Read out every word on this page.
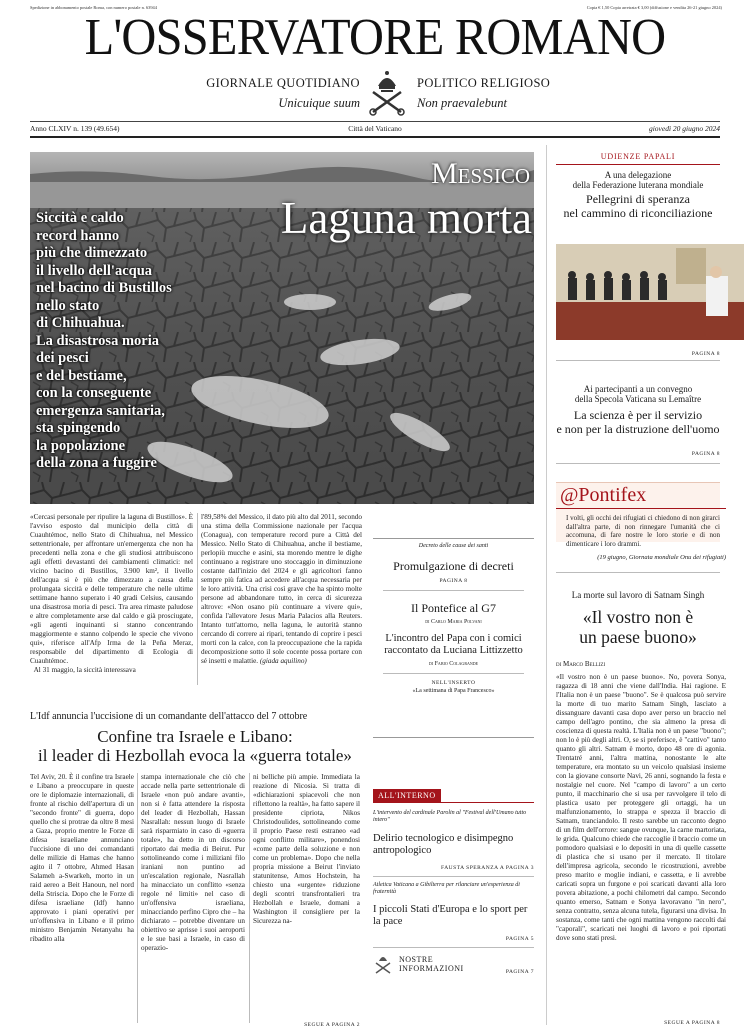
Spedizione in abbonamento postale Roma, con numero postale n. 63944	Copia € 1,50 Copia arretrata € 3,00 (diffusione e vendita 26-21 giugno 2024)
L'OSSERVATORE ROMANO
GIORNALE QUOTIDIANO	POLITICO RELIGIOSO
Unicuique suum	Non praevalebunt
Anno CLXIV n. 139 (49.654)	Città del Vaticano	giovedì 20 giugno 2024
Messico
Laguna morta
Siccità e caldo
record hanno
più che dimezzato
il livello dell'acqua
nel bacino di Bustillos
nello stato
di Chihuahua.
La disastrosa moria
dei pesci
e del bestiame,
con la conseguente
emergenza sanitaria,
sta spingendo
la popolazione
della zona a fuggire
«Cercasi personale per ripulire la laguna di Bustillos». È l'avviso esposto dal municipio della città di Cuauhtémoc, nello Stato di Chihuahua, nel Messico settentrionale, per affrontare un'emergenza che non ha precedenti nella zona e che gli studiosi attribuiscono agli effetti devastanti dei cambiamenti climatici: nel vicino bacino di Bustillos, 3.900 km², il livello dell'acqua si è più che dimezzato a causa della prolungata siccità e delle temperature che nelle ultime settimane hanno superato i 40 gradi Celsius, causando una disastrosa moria di pesci. Tra area rimaste paludose e altre completamente arse dal caldo e già prosciugate, «gli agenti inquinanti si stanno concentrando maggiormente e stanno colpendo le specie che vivono qui», riferisce all'Afp Irma de la Peña Meraz, responsabile del dipartimento di Ecologia di Cuauhtémoc.
Al 31 maggio, la siccità interessava
l'89,58% del Messico, il dato più alto dal 2011, secondo una stima della Commissione nazionale per l'acqua (Conagua), con temperature record pure a Città del Messico. Nello Stato di Chihuahua, anche il bestiame, perlopiù mucche e asini, sta morendo mentre le dighe continuano a registrare uno stoccaggio in diminuzione costante dall'inizio del 2024 e gli agricoltori fanno sempre più fatica ad accedere all'acqua necessaria per le loro attività. Una crisi così grave che ha spinto molte persone ad abbandonare tutto, in cerca di sicurezza altrove: «Non osano più continuare a vivere qui», confida l'allevatore Jesus Maria Palacios alla Reuters. Intanto tutt'attorno, nella laguna, le autorità stanno cercando di correre ai ripari, tentando di coprire i pesci morti con la calce, con la preoccupazione che la rapida decomposizione sotto il sole cocente possa portare con sé insetti e malattie. (giada aquilino)
Decreto delle cause dei santi
Promulgazione di decreti
PAGINA 8
Il Pontefice al G7
di Carlo Maria Polvani
L'incontro del Papa con i comici raccontato da Luciana Littizzetto
di Fabio Colagrande
NELL'INSERTO
«La settimana di Papa Francesco»
L'Idf annuncia l'uccisione di un comandante dell'attacco del 7 ottobre
Confine tra Israele e Libano:
il leader di Hezbollah evoca la «guerra totale»
Tel Aviv, 20. È il confine tra Israele e Libano a preoccupare in queste ore le diplomazie internazionali, di fronte al rischio dell'apertura di un "secondo fronte" di guerra, dopo quello che si protrae da oltre 8 mesi a Gaza, proprio mentre le Forze di difesa israeliane annunciano l'uccisione di uno dei comandanti delle milizie di Hamas che hanno agito il 7 ottobre, Ahmed Hasan Salameh a-Swarkeh, morto in un raid aereo a Beit Hanoun, nel nord della Striscia. Dopo che le Forze di difesa israeliane (Idf) hanno approvato i piani operativi per un'offensiva in Libano e il primo ministro Benjamin Netanyahu ha ribadito alla
stampa internazionale che ciò che accade nella parte settentrionale di Israele «non può andare avanti», non si è fatta attendere la risposta del leader di Hezbollah, Hassan Nasrallah: nessun luogo di Israele sarà risparmiato in caso di «guerra totale», ha detto in un discorso riportato dai media di Beirut. Pur sottolineando come i miliziani filo iraniani non puntino ad un'escalation regionale, Nasrallah ha minacciato un conflitto «senza regole né limiti» nel caso di un'offensiva israeliana, minacciando perfino Cipro che – ha dichiarato – potrebbe diventare un obiettivo se aprisse i suoi aeroporti e le sue basi a Israele, in caso di operazio-
ni belliche più ampie. Immediata la reazione di Nicosia. Si tratta di «dichiarazioni spiacevoli che non riflettono la realtà», ha fatto sapere il presidente cipriota, Nikos Christodoulides, sottolineando come il proprio Paese resti estraneo «ad ogni conflitto militare», ponendosi «come parte della soluzione e non come un problema». Dopo che nella propria missione a Beirut l'inviato statunitense, Amos Hochstein, ha chiesto una «urgente» riduzione degli scontri transfrontalieri tra Hezbollah e Israele, domani a Washington il consigliere per la Sicurezza na-
SEGUE A PAGINA 2
ALL'INTERNO
L'intervento del cardinale Parolin al "Festival dell'Umano tutto intero"
Delirio tecnologico e disimpegno antropologico
FAUSTA SPERANZA A PAGINA 3
Atletica Vaticana a Gibilterra per rilanciare un'esperienza di fraternità
I piccoli Stati d'Europa e lo sport per la pace
PAGINA 5
NOSTRE INFORMAZIONI	PAGINA 7
UDIENZE PAPALI
A una delegazione
della Federazione luterana mondiale
Pellegrini di speranza
nel cammino di riconciliazione
PAGINA 8
Ai partecipanti a un convegno
della Specola Vaticana su Lemaître
La scienza è per il servizio
e non per la distruzione dell'uomo
PAGINA 8
@Pontifex
I volti, gli occhi dei rifugiati ci chiedono di non girarci dall'altra parte, di non rinnegare l'umanità che ci accomuna, di fare nostre le loro storie e di non dimenticare i loro drammi.
(19 giugno, Giornata mondiale Onu dei rifugiati)
La morte sul lavoro di Satnam Singh
«Il vostro non è
un paese buono»
di Marco Bellizi
«Il vostro non è un paese buono». No, povera Sonya, ragazza di 18 anni che viene dall'India. Hai ragione. E l'Italia non è un paese "buono". Se è qualcosa può servire la morte di tuo marito Satnam Singh, lasciato a dissanguare davanti casa dopo aver perso un braccio nel campo dell'agro pontino, che sia almeno la presa di coscienza di questa realtà. L'Italia non è un paese "buono"; non lo è più degli altri. O, se si preferisce, è "cattivo" tanto quanto gli altri. Satnam è morto, dopo 48 ore di agonia. Trentatré anni, l'altra mattina, nonostante le alte temperature, era montato su un veicolo qualsiasi insieme con la giovane consorte Navi, 26 anni, sognando la festa e nostalgie nel cuore. Nel "campo di lavoro" a un certo punto, il macchinario che si usa per ravvolgere il telo di plastica usato per proteggere gli ortaggi, ha un malfunzionamento, lo strappa e spezza il braccio di Satnam, tranciandolo. Il resto sarebbe un racconto degno di un film dell'orrore: sangue ovunque, la carne martoriata, le grida. Qualcuno chiede che raccoglie il braccio come un pomodoro qualsiasi e lo depositi in una di quelle cassette di plastica che si usano per il mercato. Il titolare dell'impresa agricola, secondo le ricostruzioni, avrebbe preso marito e moglie indiani, e cassetta, e li avrebbe caricati sopra un furgone e poi scaricati davanti alla loro povera abitazione, a pochi chilometri dal campo. Secondo quanto emerso, Satnam e Sonya lavoravano "in nero", senza contratto, senza alcuna tutela, figurarsi una divisa. In sostanza, come tanti che ogni mattina vengono raccolti dai "caporali", scaricati nei luoghi di lavoro e poi riportati dove sono stati presi.
SEGUE A PAGINA 8
